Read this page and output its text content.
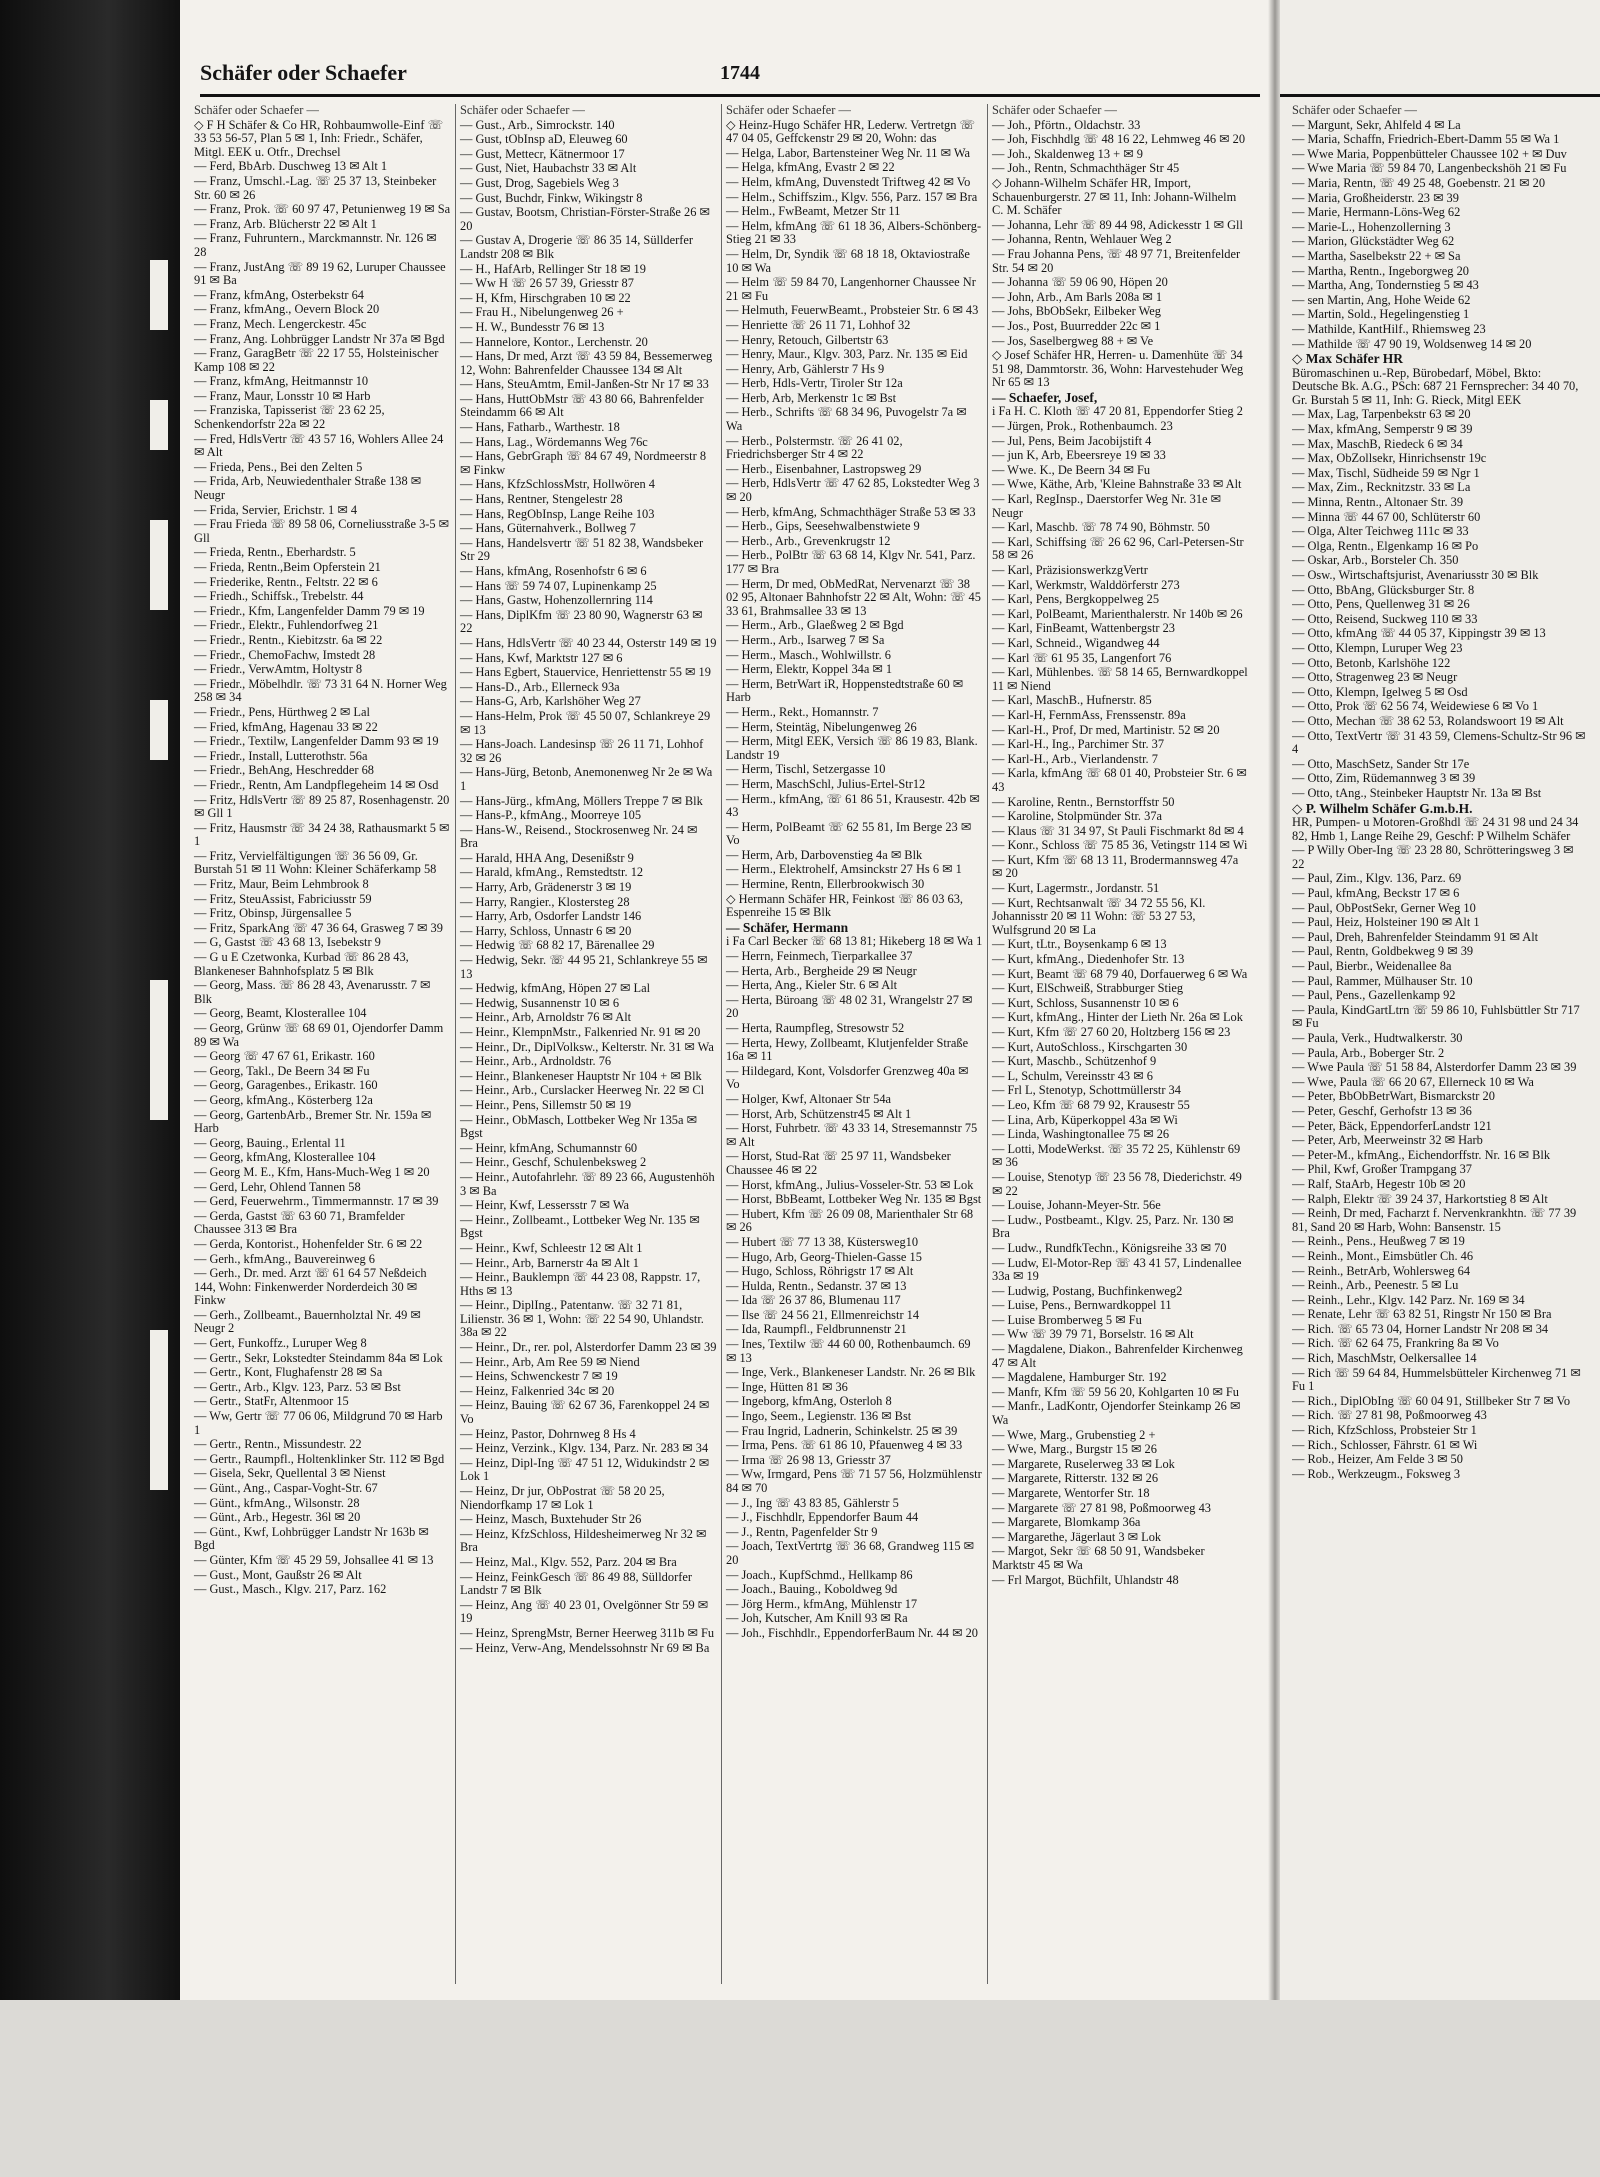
Schäfer oder Schaefer	1744
Schäfer oder Schaefer —
◇ F H Schäfer & Co HR, Rohbaumwolle-Einf ☏ 33 53 56-57, Plan 5 ✉ 1, Inh: Friedr., Schäfer, Mitgl. EEK u. Otfr., Drechsel
— Ferd, BbArb. Duschweg 13 ✉ Alt 1
— Franz, Umschl.-Lag. ☏ 25 37 13, Steinbeker Str. 60 ✉ 26
— Franz, Prok. ☏ 60 97 47, Petunienweg 19 ✉ Sa
— Franz, Arb. Blücherstr 22 ✉ Alt 1
— Franz, Fuhruntern., Marckmannstr. Nr. 126 ✉ 28
— Franz, JustAng ☏ 89 19 62, Luruper Chaussee 91 ✉ Ba
— Franz, kfmAng, Osterbekstr 64
— Franz, kfmAng., Oevern Block 20
— Franz, Mech. Lengerckestr. 45c
— Franz, Ang. Lohbrügger Landstr Nr 37a ✉ Bgd
— Franz, GaragBetr ☏ 22 17 55, Holsteinischer Kamp 108 ✉ 22
— Franz, kfmAng, Heitmannstr 10
— Franz, Maur, Lonsstr 10 ✉ Harb
— Franziska, Tapisserist ☏ 23 62 25, Schenkendorfstr 22a ✉ 22
— Fred, HdlsVertr ☏ 43 57 16, Wohlers Allee 24 ✉ Alt
— Frieda, Pens., Bei den Zelten 5
— Frida, Arb, Neuwiedenthaler Straße 138 ✉ Neugr
— Frida, Servier, Erichstr. 1 ✉ 4
— Frau Frieda ☏ 89 58 06, Corneliusstraße 3-5 ✉ Gll
— Frieda, Rentn., Eberhardstr. 5
— Frieda, Rentn.,Beim Opferstein 21
— Friederike, Rentn., Feltstr. 22 ✉ 6
— Friedh., Schiffsk., Trebelstr. 44
— Friedr., Kfm, Langenfelder Damm 79 ✉ 19
— Friedr., Elektr., Fuhlendorfweg 21
— Friedr., Rentn., Kiebitzstr. 6a ✉ 22
— Friedr., ChemoFachw, Imstedt 28
— Friedr., VerwAmtm, Holtystr 8
— Friedr., Möbelhdlr. ☏ 73 31 64 N. Horner Weg 258 ✉ 34
— Friedr., Pens, Hürthweg 2 ✉ Lal
— Fried, kfmAng, Hagenau 33 ✉ 22
— Friedr., Textilw, Langenfelder Damm 93 ✉ 19
— Friedr., Install, Lutterothstr. 56a
— Friedr., BehAng, Heschredder 68
— Friedr., Rentn, Am Landpflegeheim 14 ✉ Osd
— Fritz, HdlsVertr ☏ 89 25 87, Rosenhagenstr. 20 ✉ Gll 1
— Fritz, Hausmstr ☏ 34 24 38, Rathausmarkt 5 ✉ 1
— Fritz, Vervielfältigungen ☏ 36 56 09, Gr. Burstah 51 ✉ 11 Wohn: Kleiner Schäferkamp 58
— Fritz, Maur, Beim Lehmbrook 8
— Fritz, SteuAssist, Fabriciusstr 59
— Fritz, Obinsp, Jürgensallee 5
— Fritz, SparkAng ☏ 47 36 64, Grasweg 7 ✉ 39
— G, Gastst ☏ 43 68 13, Isebekstr 9
— G u E Czetwonka, Kurbad ☏ 86 28 43, Blankeneser Bahnhofsplatz 5 ✉ Blk
— Georg, Mass. ☏ 86 28 43, Avenarusstr. 7 ✉ Blk
— Georg, Beamt, Klosterallee 104
— Georg, Grünw ☏ 68 69 01, Ojendorfer Damm 89 ✉ Wa
— Georg ☏ 47 67 61, Erikastr. 160
— Georg, Takl., De Beern 34 ✉ Fu
— Georg, Garagenbes., Erikastr. 160
— Georg, kfmAng., Kösterberg 12a
— Georg, GartenbArb., Bremer Str. Nr. 159a ✉ Harb
— Georg, Bauing., Erlental 11
— Georg, kfmAng, Klosterallee 104
— Georg M. E., Kfm, Hans-Much-Weg 1 ✉ 20
— Gerd, Lehr, Ohlend Tannen 58
— Gerd, Feuerwehrm., Timmermannstr. 17 ✉ 39
— Gerda, Gastst ☏ 63 60 71, Bramfelder Chaussee 313 ✉ Bra
— Gerda, Kontorist., Hohenfelder Str. 6 ✉ 22
— Gerh., kfmAng., Bauvereinweg 6
— Gerh., Dr. med. Arzt ☏ 61 64 57 Neßdeich 144, Wohn: Finkenwerder Norderdeich 30 ✉ Finkw
— Gerh., Zollbeamt., Bauernholztal Nr. 49 ✉ Neugr 2
— Gert, Funkoffz., Luruper Weg 8
— Gertr., Sekr, Lokstedter Steindamm 84a ✉ Lok
— Gertr., Kont, Flughafenstr 28 ✉ Sa
— Gertr., Arb., Klgv. 123, Parz. 53 ✉ Bst
— Gertr., StatFr, Altenmoor 15
— Ww, Gertr ☏ 77 06 06, Mildgrund 70 ✉ Harb 1
— Gertr., Rentn., Missundestr. 22
— Gertr., Raumpfl., Holtenklinker Str. 112 ✉ Bgd
— Gisela, Sekr, Quellental 3 ✉ Nienst
— Günt., Ang., Caspar-Voght-Str. 67
— Günt., kfmAng., Wilsonstr. 28
— Günt., Arb., Hegestr. 36l ✉ 20
— Günt., Kwf, Lohbrügger Landstr Nr 163b ✉ Bgd
— Günter, Kfm ☏ 45 29 59, Johsallee 41 ✉ 13
— Gust., Mont, Gaußstr 26 ✉ Alt
— Gust., Masch., Klgv. 217, Parz. 162
Schäfer oder Schaefer —
— Gust., Arb., Simrockstr. 140
— Gust, tObInsp aD, Eleuweg 60
— Gust, Mettecr, Kätnermoor 17
— Gust, Niet, Haubachstr 33 ✉ Alt
— Gust, Drog, Sagebiels Weg 3
— Gust, Buchdr, Finkw, Wikingstr 8
— Gustav, Bootsm, Christian-Förster-Straße 26 ✉ 20
— Gustav A, Drogerie ☏ 86 35 14, Süllderfer Landstr 208 ✉ Blk
— H., HafArb, Rellinger Str 18 ✉ 19
— Ww H ☏ 26 57 39, Griesstr 87
— H, Kfm, Hirschgraben 10 ✉ 22
— Frau H., Nibelungenweg 26 +
— H. W., Bundesstr 76 ✉ 13
— Hannelore, Kontor., Lerchenstr. 20
— Hans, Dr med, Arzt ☏ 43 59 84, Bessemerweg 12, Wohn: Bahrenfelder Chaussee 134 ✉ Alt
— Hans, SteuAmtm, Emil-Janßen-Str Nr 17 ✉ 33
— Hans, HuttObMstr ☏ 43 80 66, Bahrenfelder Steindamm 66 ✉ Alt
— Hans, Fatharb., Warthestr. 18
— Hans, Lag., Wördemanns Weg 76c
— Hans, GebrGraph ☏ 84 67 49, Nordmeerstr 8 ✉ Finkw
— Hans, KfzSchlossMstr, Hollwören 4
— Hans, Rentner, Stengelestr 28
— Hans, RegObInsp, Lange Reihe 103
— Hans, Güternahverk., Bollweg 7
— Hans, Handelsvertr ☏ 51 82 38, Wandsbeker Str 29
— Hans, kfmAng, Rosenhofstr 6 ✉ 6
— Hans ☏ 59 74 07, Lupinenkamp 25
— Hans, Gastw, Hohenzollernring 114
— Hans, DiplKfm ☏ 23 80 90, Wagnerstr 63 ✉ 22
— Hans, HdlsVertr ☏ 40 23 44, Osterstr 149 ✉ 19
— Hans, Kwf, Marktstr 127 ✉ 6
— Hans Egbert, Stauervice, Henriettenstr 55 ✉ 19
— Hans-D., Arb., Ellerneck 93a
— Hans-G, Arb, Karlshöher Weg 27
— Hans-Helm, Prok ☏ 45 50 07, Schlankreye 29 ✉ 13
— Hans-Joach. Landesinsp ☏ 26 11 71, Lohhof 32 ✉ 26
— Hans-Jürg, Betonb, Anemonenweg Nr 2e ✉ Wa 1
— Hans-Jürg., kfmAng, Möllers Treppe 7 ✉ Blk
— Hans-P., kfmAng., Moorreye 105
— Hans-W., Reisend., Stockrosenweg Nr. 24 ✉ Bra
— Harald, HHA Ang, Desenißstr 9
— Harald, kfmAng., Remstedtstr. 12
— Harry, Arb, Grädenerstr 3 ✉ 19
— Harry, Rangier., Klostersteg 28
— Harry, Arb, Osdorfer Landstr 146
— Harry, Schloss, Unnastr 6 ✉ 20
— Hedwig ☏ 68 82 17, Bärenallee 29
— Hedwig, Sekr. ☏ 44 95 21, Schlankreye 55 ✉ 13
— Hedwig, kfmAng, Höpen 27 ✉ Lal
— Hedwig, Susannenstr 10 ✉ 6
— Heinr., Arb, Arnoldstr 76 ✉ Alt
— Heinr., KlempnMstr., Falkenried Nr. 91 ✉ 20
— Heinr., Dr., DiplVolksw., Kelterstr. Nr. 31 ✉ Wa
— Heinr., Arb., Ardnoldstr. 76
— Heinr., Blankeneser Hauptstr Nr 104 + ✉ Blk
— Heinr., Arb., Curslacker Heerweg Nr. 22 ✉ Cl
— Heinr., Pens, Sillemstr 50 ✉ 19
— Heinr., ObMasch, Lottbeker Weg Nr 135a ✉ Bgst
— Heinr, kfmAng, Schumannstr 60
— Heinr., Geschf, Schulenbeksweg 2
— Heinr., Autofahrlehr. ☏ 89 23 66, Augustenhöh 3 ✉ Ba
— Heinr, Kwf, Lessersstr 7 ✉ Wa
— Heinr., Zollbeamt., Lottbeker Weg Nr. 135 ✉ Bgst
— Heinr., Kwf, Schleestr 12 ✉ Alt 1
— Heinr., Arb, Barnerstr 4a ✉ Alt 1
— Heinr., Bauklempn ☏ 44 23 08, Rappstr. 17, Hths ✉ 13
— Heinr., DiplIng., Patentanw. ☏ 32 71 81, Lilienstr. 36 ✉ 1, Wohn: ☏ 22 54 90, Uhlandstr. 38a ✉ 22
— Heinr., Dr., rer. pol, Alsterdorfer Damm 23 ✉ 39
— Heinr., Arb, Am Ree 59 ✉ Niend
— Heins, Schwenckestr 7 ✉ 19
— Heinz, Falkenried 34c ✉ 20
— Heinz, Bauing ☏ 62 67 36, Farenkoppel 24 ✉ Vo
— Heinz, Pastor, Dohrnweg 8 Hs 4
— Heinz, Verzink., Klgv. 134, Parz. Nr. 283 ✉ 34
— Heinz, Dipl-Ing ☏ 47 51 12, Widukindstr 2 ✉ Lok 1
— Heinz, Dr jur, ObPostrat ☏ 58 20 25, Niendorfkamp 17 ✉ Lok 1
— Heinz, Masch, Buxtehuder Str 26
— Heinz, KfzSchloss, Hildesheimerweg Nr 32 ✉ Bra
— Heinz, Mal., Klgv. 552, Parz. 204 ✉ Bra
— Heinz, FeinkGesch ☏ 86 49 88, Sülldorfer Landstr 7 ✉ Blk
— Heinz, Ang ☏ 40 23 01, Ovelgönner Str 59 ✉ 19
— Heinz, SprengMstr, Berner Heerweg 311b ✉ Fu
— Heinz, Verw-Ang, Mendelssohnstr Nr 69 ✉ Ba
Schäfer oder Schaefer —
◇ Heinz-Hugo Schäfer HR, Lederw. Vertretgn ☏ 47 04 05, Geffckenstr 29 ✉ 20, Wohn: das
— Helga, Labor, Bartensteiner Weg Nr. 11 ✉ Wa
— Helga, kfmAng, Evastr 2 ✉ 22
— Helm, kfmAng, Duvenstedt Triftweg 42 ✉ Vo
— Helm., Schiffszim., Klgv. 556, Parz. 157 ✉ Bra
— Helm., FwBeamt, Metzer Str 11
— Helm, kfmAng ☏ 61 18 36, Albers-Schönberg-Stieg 21 ✉ 33
— Helm, Dr, Syndik ☏ 68 18 18, Oktaviostraße 10 ✉ Wa
— Helm ☏ 59 84 70, Langenhorner Chaussee Nr 21 ✉ Fu
— Helmuth, FeuerwBeamt., Probsteier Str. 6 ✉ 43
— Henriette ☏ 26 11 71, Lohhof 32
— Henry, Retouch, Gilbertstr 63
— Henry, Maur., Klgv. 303, Parz. Nr. 135 ✉ Eid
— Henry, Arb, Gählerstr 7 Hs 9
— Herb, Hdls-Vertr, Tiroler Str 12a
— Herb, Arb, Merkenstr 1c ✉ Bst
— Herb., Schrifts ☏ 68 34 96, Puvogelstr 7a ✉ Wa
— Herb., Polstermstr. ☏ 26 41 02, Friedrichsberger Str 4 ✉ 22
— Herb., Eisenbahner, Lastropsweg 29
— Herb, HdlsVertr ☏ 47 62 85, Lokstedter Weg 3 ✉ 20
— Herb, kfmAng, Schmachthäger Straße 53 ✉ 33
— Herb., Gips, Seesehwalbenstwiete 9
— Herb., Arb., Grevenkrugstr 12
— Herb., PolBtr ☏ 63 68 14, Klgv Nr. 541, Parz. 177 ✉ Bra
— Herm, Dr med, ObMedRat, Nervenarzt ☏ 38 02 95, Altonaer Bahnhofstr 22 ✉ Alt, Wohn: ☏ 45 33 61, Brahmsallee 33 ✉ 13
— Herm., Arb., Glaeßweg 2 ✉ Bgd
— Herm., Arb., Isarweg 7 ✉ Sa
— Herm., Masch., Wohlwillstr. 6
— Herm, Elektr, Koppel 34a ✉ 1
— Herm, BetrWart iR, Hoppenstedtstraße 60 ✉ Harb
— Herm., Rekt., Homannstr. 7
— Herm, Steintäg, Nibelungenweg 26
— Herm, Mitgl EEK, Versich ☏ 86 19 83, Blank. Landstr 19
— Herm, Tischl, Setzergasse 10
— Herm, MaschSchl, Julius-Ertel-Str12
— Herm., kfmAng, ☏ 61 86 51, Krausestr. 42b ✉ 43
— Herm, PolBeamt ☏ 62 55 81, Im Berge 23 ✉ Vo
— Herm, Arb, Darbovenstieg 4a ✉ Blk
— Herm., Elektrohelf, Amsinckstr 27 Hs 6 ✉ 1
— Hermine, Rentn, Ellerbrookwisch 30
◇ Hermann Schäfer HR, Feinkost ☏ 86 03 63, Espenreihe 15 ✉ Blk
— Schäfer, Hermann
i Fa Carl Becker ☏ 68 13 81; Hikeberg 18 ✉ Wa 1
— Herrn, Feinmech, Tierparkallee 37
— Herta, Arb., Bergheide 29 ✉ Neugr
— Herta, Ang., Kieler Str. 6 ✉ Alt
— Herta, Büroang ☏ 48 02 31, Wrangelstr 27 ✉ 20
— Herta, Raumpfleg, Stresowstr 52
— Herta, Hewy, Zollbeamt, Klutjenfelder Straße 16a ✉ 11
— Hildegard, Kont, Volsdorfer Grenzweg 40a ✉ Vo
— Holger, Kwf, Altonaer Str 54a
— Horst, Arb, Schützenstr45 ✉ Alt 1
— Horst, Fuhrbetr. ☏ 43 33 14, Stresemannstr 75 ✉ Alt
— Horst, Stud-Rat ☏ 25 97 11, Wandsbeker Chaussee 46 ✉ 22
— Horst, kfmAng., Julius-Vosseler-Str. 53 ✉ Lok
— Horst, BbBeamt, Lottbeker Weg Nr. 135 ✉ Bgst
— Hubert, Kfm ☏ 26 09 08, Marienthaler Str 68 ✉ 26
— Hubert ☏ 77 13 38, Küstersweg10
— Hugo, Arb, Georg-Thielen-Gasse 15
— Hugo, Schloss, Röhrigstr 17 ✉ Alt
— Hulda, Rentn., Sedanstr. 37 ✉ 13
— Ida ☏ 26 37 86, Blumenau 117
— Ilse ☏ 24 56 21, Ellmenreichstr 14
— Ida, Raumpfl., Feldbrunnenstr 21
— Ines, Textilw ☏ 44 60 00, Rothenbaumch. 69 ✉ 13
— Inge, Verk., Blankeneser Landstr. Nr. 26 ✉ Blk
— Inge, Hütten 81 ✉ 36
— Ingeborg, kfmAng, Osterloh 8
— Ingo, Seem., Legienstr. 136 ✉ Bst
— Frau Ingrid, Ladnerin, Schinkelstr. 25 ✉ 39
— Irma, Pens. ☏ 61 86 10, Pfauenweg 4 ✉ 33
— Irma ☏ 26 98 13, Griesstr 37
— Ww, Irmgard, Pens ☏ 71 57 56, Holzmühlenstr 84 ✉ 70
— J., Ing ☏ 43 83 85, Gählerstr 5
— J., Fischhdlr, Eppendorfer Baum 44
— J., Rentn, Pagenfelder Str 9
— Joach, TextVertrtg ☏ 36 68, Grandweg 115 ✉ 20
— Joach., KupfSchmd., Hellkamp 86
— Joach., Bauing., Koboldweg 9d
— Jörg Herm., kfmAng, Mühlenstr 17
— Joh, Kutscher, Am Knill 93 ✉ Ra
— Joh., Fischhdlr., EppendorferBaum Nr. 44 ✉ 20
Schäfer oder Schaefer —
— Joh., Pförtn., Oldachstr. 33
— Joh, Fischhdlg ☏ 48 16 22, Lehmweg 46 ✉ 20
— Joh., Skaldenweg 13 + ✉ 9
— Joh., Rentn, Schmachthäger Str 45
◇ Johann-Wilhelm Schäfer HR, Import, Schauenburgerstr. 27 ✉ 11, Inh: Johann-Wilhelm C. M. Schäfer
— Johanna, Lehr ☏ 89 44 98, Adickesstr 1 ✉ Gll
— Johanna, Rentn, Wehlauer Weg 2
— Frau Johanna Pens, ☏ 48 97 71, Breitenfelder Str. 54 ✉ 20
— Johanna ☏ 59 06 90, Höpen 20
— John, Arb., Am Barls 208a ✉ 1
— Johs, BbObSekr, Eilbeker Weg
— Jos., Post, Buurredder 22c ✉ 1
— Jos, Saselbergweg 88 + ✉ Ve
◇ Josef Schäfer HR, Herren- u. Damenhüte ☏ 34 51 98, Dammtorstr. 36, Wohn: Harvestehuder Weg Nr 65 ✉ 13
— Schaefer, Josef,
i Fa H. C. Kloth ☏ 47 20 81, Eppendorfer Stieg 2
— Jürgen, Prok., Rothenbaumch. 23
— Jul, Pens, Beim Jacobijstift 4
— jun K, Arb, Ebeersreye 19 ✉ 33
— Wwe. K., De Beern 34 ✉ Fu
— Wwe, Käthe, Arb, 'Kleine Bahnstraße 33 ✉ Alt
— Karl, RegInsp., Daerstorfer Weg Nr. 31e ✉ Neugr
— Karl, Maschb. ☏ 78 74 90, Böhmstr. 50
— Karl, Schiffsing ☏ 26 62 96, Carl-Petersen-Str 58 ✉ 26
— Karl, PräzisionswerkzgVertr
— Karl, Werkmstr, Walddörferstr 273
— Karl, Pens, Bergkoppelweg 25
— Karl, PolBeamt, Marienthalerstr. Nr 140b ✉ 26
— Karl, FinBeamt, Wattenbergstr 23
— Karl, Schneid., Wigandweg 44
— Karl ☏ 61 95 35, Langenfort 76
— Karl, Mühlenbes. ☏ 58 14 65, Bernwardkoppel 11 ✉ Niend
— Karl, MaschB., Hufnerstr. 85
— Karl-H, FernmAss, Frenssenstr. 89a
— Karl-H., Prof, Dr med, Martinistr. 52 ✉ 20
— Karl-H., Ing., Parchimer Str. 37
— Karl-H., Arb., Vierlandenstr. 7
— Karla, kfmAng ☏ 68 01 40, Probsteier Str. 6 ✉ 43
— Karoline, Rentn., Bernstorffstr 50
— Karoline, Stolpmünder Str. 37a
— Klaus ☏ 31 34 97, St Pauli Fischmarkt 8d ✉ 4
— Konr., Schloss ☏ 75 85 36, Vetingstr 114 ✉ Wi
— Kurt, Kfm ☏ 68 13 11, Brodermannsweg 47a ✉ 20
— Kurt, Lagermstr., Jordanstr. 51
— Kurt, Rechtsanwalt ☏ 34 72 55 56, Kl. Johannisstr 20 ✉ 11 Wohn: ☏ 53 27 53, Wulfsgrund 20 ✉ La
— Kurt, tLtr., Boysenkamp 6 ✉ 13
— Kurt, kfmAng., Diedenhofer Str. 13
— Kurt, Beamt ☏ 68 79 40, Dorfauerweg 6 ✉ Wa
— Kurt, ElSchweiß, Strabburger Stieg
— Kurt, Schloss, Susannenstr 10 ✉ 6
— Kurt, kfmAng., Hinter der Lieth Nr. 26a ✉ Lok
— Kurt, Kfm ☏ 27 60 20, Holtzberg 156 ✉ 23
— Kurt, AutoSchloss., Kirschgarten 30
— Kurt, Maschb., Schützenhof 9
— L, Schulm, Vereinsstr 43 ✉ 6
— Frl L, Stenotyp, Schottmüllerstr 34
— Leo, Kfm ☏ 68 79 92, Krausestr 55
— Lina, Arb, Küperkoppel 43a ✉ Wi
— Linda, Washingtonallee 75 ✉ 26
— Lotti, ModeWerkst. ☏ 35 72 25, Kühlenstr 69 ✉ 36
— Louise, Stenotyp ☏ 23 56 78, Diederichstr. 49 ✉ 22
— Louise, Johann-Meyer-Str. 56e
— Ludw., Postbeamt., Klgv. 25, Parz. Nr. 130 ✉ Bra
— Ludw., RundfkTechn., Königsreihe 33 ✉ 70
— Ludw, El-Motor-Rep ☏ 43 41 57, Lindenallee 33a ✉ 19
— Ludwig, Postang, Buchfinkenweg2
— Luise, Pens., Bernwardkoppel 11
— Luise Bromberweg 5 ✉ Fu
— Ww ☏ 39 79 71, Borselstr. 16 ✉ Alt
— Magdalene, Diakon., Bahrenfelder Kirchenweg 47 ✉ Alt
— Magdalene, Hamburger Str. 192
— Manfr, Kfm ☏ 59 56 20, Kohlgarten 10 ✉ Fu
— Manfr., LadKontr, Ojendorfer Steinkamp 26 ✉ Wa
— Wwe, Marg., Grubenstieg 2 +
— Wwe, Marg., Burgstr 15 ✉ 26
— Margarete, Ruselerweg 33 ✉ Lok
— Margarete, Ritterstr. 132 ✉ 26
— Margarete, Wentorfer Str. 18
— Margarete ☏ 27 81 98, Poßmoorweg 43
— Margarete, Blomkamp 36a
— Margarethe, Jägerlaut 3 ✉ Lok
— Margot, Sekr ☏ 68 50 91, Wandsbeker Marktstr 45 ✉ Wa
— Frl Margot, Büchfilt, Uhlandstr 48
Schäfer oder Schaefer —
— Margunt, Sekr, Ahlfeld 4 ✉ La
— Maria, Schaffn, Friedrich-Ebert-Damm 55 ✉ Wa 1
— Wwe Maria, Poppenbütteler Chaussee 102 + ✉ Duv
— Wwe Maria ☏ 59 84 70, Langenbeckshöh 21 ✉ Fu
— Maria, Rentn, ☏ 49 25 48, Goebenstr. 21 ✉ 20
— Maria, Großheiderstr. 23 ✉ 39
— Marie, Hermann-Löns-Weg 62
— Marie-L., Hohenzollerning 3
— Marion, Glückstädter Weg 62
— Martha, Saselbekstr 22 + ✉ Sa
— Martha, Rentn., Ingeborgweg 20
— Martha, Ang, Tondernstieg 5 ✉ 43
— sen Martin, Ang, Hohe Weide 62
— Martin, Sold., Hegelingenstieg 1
— Mathilde, KantHilf., Rhiemsweg 23
— Mathilde ☏ 47 90 19, Woldsenweg 14 ✉ 20
◇ Max Schäfer HR
Büromaschinen u.-Rep, Bürobedarf, Möbel, Bkto: Deutsche Bk. A.G., PSch: 687 21 Fernsprecher: 34 40 70, Gr. Burstah 5 ✉ 11, Inh: G. Rieck, Mitgl EEK
— Max, Lag, Tarpenbekstr 63 ✉ 20
— Max, kfmAng, Semperstr 9 ✉ 39
— Max, MaschB, Riedeck 6 ✉ 34
— Max, ObZollsekr, Hinrichsenstr 19c
— Max, Tischl, Südheide 59 ✉ Ngr 1
— Max, Zim., Recknitzstr. 33 ✉ La
— Minna, Rentn., Altonaer Str. 39
— Minna ☏ 44 67 00, Schlüterstr 60
— Olga, Alter Teichweg 111c ✉ 33
— Olga, Rentn., Elgenkamp 16 ✉ Po
— Oskar, Arb., Borsteler Ch. 350
— Osw., Wirtschaftsjurist, Avenariusstr 30 ✉ Blk
— Otto, BbAng, Glücksburger Str. 8
— Otto, Pens, Quellenweg 31 ✉ 26
— Otto, Reisend, Suckweg 110 ✉ 33
— Otto, kfmAng ☏ 44 05 37, Kippingstr 39 ✉ 13
— Otto, Klempn, Luruper Weg 23
— Otto, Betonb, Karlshöhe 122
— Otto, Stragenweg 23 ✉ Neugr
— Otto, Klempn, Igelweg 5 ✉ Osd
— Otto, Prok ☏ 62 56 74, Weidewiese 6 ✉ Vo 1
— Otto, Mechan ☏ 38 62 53, Rolandswoort 19 ✉ Alt
— Otto, TextVertr ☏ 31 43 59, Clemens-Schultz-Str 96 ✉ 4
— Otto, MaschSetz, Sander Str 17e
— Otto, Zim, Rüdemannweg 3 ✉ 39
— Otto, tAng., Steinbeker Hauptstr Nr. 13a ✉ Bst
◇ P. Wilhelm Schäfer G.m.b.H.
HR, Pumpen- u Motoren-Großhdl ☏ 24 31 98 und 24 34 82, Hmb 1, Lange Reihe 29, Geschf: P Wilhelm Schäfer
— P Willy Ober-Ing ☏ 23 28 80, Schrötteringsweg 3 ✉ 22
— Paul, Zim., Klgv. 136, Parz. 69
— Paul, kfmAng, Beckstr 17 ✉ 6
— Paul, ObPostSekr, Gerner Weg 10
— Paul, Heiz, Holsteiner 190 ✉ Alt 1
— Paul, Dreh, Bahrenfelder Steindamm 91 ✉ Alt
— Paul, Rentn, Goldbekweg 9 ✉ 39
— Paul, Bierbr., Weidenallee 8a
— Paul, Rammer, Mülhauser Str. 10
— Paul, Pens., Gazellenkamp 92
— Paula, KindGartLtrn ☏ 59 86 10, Fuhlsbüttler Str 717 ✉ Fu
— Paula, Verk., Hudtwalkerstr. 30
— Paula, Arb., Boberger Str. 2
— Wwe Paula ☏ 51 58 84, Alsterdorfer Damm 23 ✉ 39
— Wwe, Paula ☏ 66 20 67, Ellerneck 10 ✉ Wa
— Peter, BbObBetrWart, Bismarckstr 20
— Peter, Geschf, Gerhofstr 13 ✉ 36
— Peter, Bäck, EppendorferLandstr 121
— Peter, Arb, Meerweinstr 32 ✉ Harb
— Peter-M., kfmAng., Eichendorffstr. Nr. 16 ✉ Blk
— Phil, Kwf, Großer Trampgang 37
— Ralf, StaArb, Hegestr 10b ✉ 20
— Ralph, Elektr ☏ 39 24 37, Harkortstieg 8 ✉ Alt
— Reinh, Dr med, Facharzt f. Nervenkrankhtn. ☏ 77 39 81, Sand 20 ✉ Harb, Wohn: Bansenstr. 15
— Reinh., Pens., Heußweg 7 ✉ 19
— Reinh., Mont., Eimsbütler Ch. 46
— Reinh., BetrArb, Wohlersweg 64
— Reinh., Arb., Peenestr. 5 ✉ Lu
— Reinh., Lehr., Klgv. 142 Parz. Nr. 169 ✉ 34
— Renate, Lehr ☏ 63 82 51, Ringstr Nr 150 ✉ Bra
— Rich. ☏ 65 73 04, Horner Landstr Nr 208 ✉ 34
— Rich. ☏ 62 64 75, Frankring 8a ✉ Vo
— Rich, MaschMstr, Oelkersallee 14
— Rich ☏ 59 64 84, Hummelsbütteler Kirchenweg 71 ✉ Fu 1
— Rich., DiplObIng ☏ 60 04 91, Stillbeker Str 7 ✉ Vo
— Rich. ☏ 27 81 98, Poßmoorweg 43
— Rich, KfzSchloss, Probsteier Str 1
— Rich., Schlosser, Fährstr. 61 ✉ Wi
— Rob., Heizer, Am Felde 3 ✉ 50
— Rob., Werkzeugm., Foksweg 3
